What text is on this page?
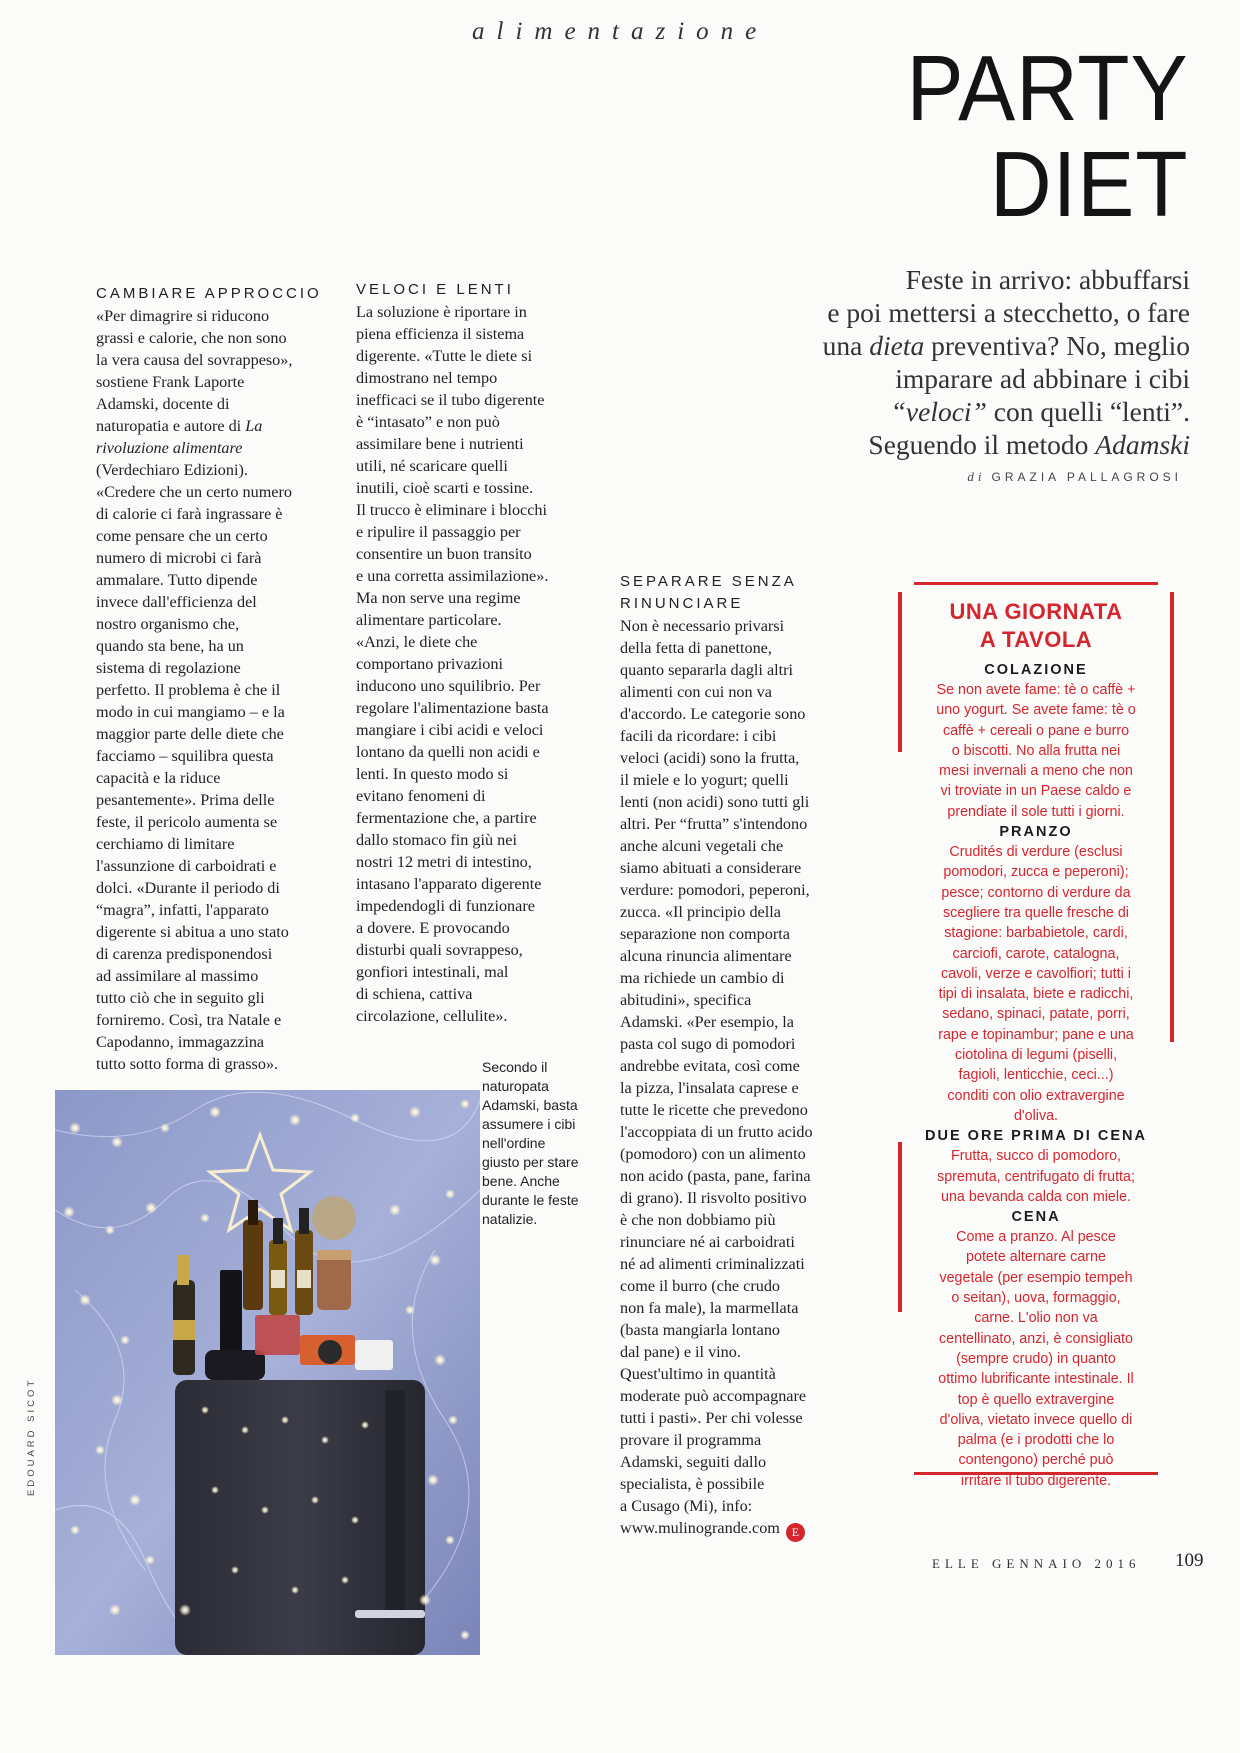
alimentazione
PARTY
DIET
Feste in arrivo: abbuffarsi
e poi mettersi a stecchetto, o fare
una dieta preventiva? No, meglio
imparare ad abbinare i cibi
“veloci” con quelli “lenti”.
Seguendo il metodo Adamski
di GRAZIA PALLAGROSI

CAMBIARE APPROCCIO

«Per dimagrire si riducono

grassi e calorie, che non sono

la vera causa del sovrappeso»,

sostiene Frank Laporte

Adamski, docente di

naturopatia e autore di La

rivoluzione alimentare

(Verdechiaro Edizioni).

«Credere che un certo numero

di calorie ci farà ingrassare è

come pensare che un certo

numero di microbi ci farà

ammalare. Tutto dipende

invece dall'efficienza del

nostro organismo che,

quando sta bene, ha un

sistema di regolazione

perfetto. Il problema è che il

modo in cui mangiamo – e la

maggior parte delle diete che

facciamo – squilibra questa

capacità e la riduce

pesantemente». Prima delle

feste, il pericolo aumenta se

cerchiamo di limitare

l'assunzione di carboidrati e

dolci. «Durante il periodo di

“magra”, infatti, l'apparato

digerente si abitua a uno stato

di carenza predisponendosi

ad assimilare al massimo

tutto ciò che in seguito gli

forniremo. Così, tra Natale e

Capodanno, immagazzina

tutto sotto forma di grasso».

VELOCI E LENTI

La soluzione è riportare in

piena efficienza il sistema

digerente. «Tutte le diete si

dimostrano nel tempo

inefficaci se il tubo digerente

è “intasato” e non può

assimilare bene i nutrienti

utili, né scaricare quelli

inutili, cioè scarti e tossine.

Il trucco è eliminare i blocchi

e ripulire il passaggio per

consentire un buon transito

e una corretta assimilazione».

Ma non serve una regime

alimentare particolare.

«Anzi, le diete che

comportano privazioni

inducono uno squilibrio. Per

regolare l'alimentazione basta

mangiare i cibi acidi e veloci

lontano da quelli non acidi e

lenti. In questo modo si

evitano fenomeni di

fermentazione che, a partire

dallo stomaco fin giù nei

nostri 12 metri di intestino,

intasano l'apparato digerente

impedendogli di funzionare

a dovere. E provocando

disturbi quali sovrappeso,

gonfiori intestinali, mal

di schiena, cattiva

circolazione, cellulite».

SEPARARE SENZA

RINUNCIARE

Non è necessario privarsi

della fetta di panettone,

quanto separarla dagli altri

alimenti con cui non va

d'accordo. Le categorie sono

facili da ricordare: i cibi

veloci (acidi) sono la frutta,

il miele e lo yogurt; quelli

lenti (non acidi) sono tutti gli

altri. Per “frutta” s'intendono

anche alcuni vegetali che

siamo abituati a considerare

verdure: pomodori, peperoni,

zucca. «Il principio della

separazione non comporta

alcuna rinuncia alimentare

ma richiede un cambio di

abitudini», specifica

Adamski. «Per esempio, la

pasta col sugo di pomodori

andrebbe evitata, così come

la pizza, l'insalata caprese e

tutte le ricette che prevedono

l'accoppiata di un frutto acido

(pomodoro) con un alimento

non acido (pasta, pane, farina

di grano). Il risvolto positivo

è che non dobbiamo più

rinunciare né ai carboidrati

né ad alimenti criminalizzati

come il burro (che crudo

non fa male), la marmellata

(basta mangiarla lontano

dal pane) e il vino.

Quest'ultimo in quantità

moderate può accompagnare

tutti i pasti». Per chi volesse

provare il programma

Adamski, seguiti dallo

specialista, è possibile

a Cusago (Mi), info:

www.mulinogrande.com E

Secondo il
naturopata
Adamski, basta
assumere i cibi
nell'ordine
giusto per stare
bene. Anche
durante le feste
natalizie.
UNA GIORNATA
A TAVOLA
COLAZIONE

Se non avete fame: tè o caffè +

uno yogurt. Se avete fame: tè o

caffè + cereali o pane e burro

o biscotti. No alla frutta nei

mesi invernali a meno che non

vi troviate in un Paese caldo e

prendiate il sole tutti i giorni.

PRANZO

Crudités di verdure (esclusi

pomodori, zucca e peperoni);

pesce; contorno di verdure da

scegliere tra quelle fresche di

stagione: barbabietole, cardi,

carciofi, carote, catalogna,

cavoli, verze e cavolfiori; tutti i

tipi di insalata, biete e radicchi,

sedano, spinaci, patate, porri,

rape e topinambur; pane e una

ciotolina di legumi (piselli,

fagioli, lenticchie, ceci...)

conditi con olio extravergine

d'oliva.

DUE ORE PRIMA DI CENA

Frutta, succo di pomodoro,

spremuta, centrifugato di frutta;

una bevanda calda con miele.

CENA

Come a pranzo. Al pesce

potete alternare carne

vegetale (per esempio tempeh

o seitan), uova, formaggio,

carne. L'olio non va

centellinato, anzi, è consigliato

(sempre crudo) in quanto

ottimo lubrificante intestinale. Il

top è quello extravergine

d'oliva, vietato invece quello di

palma (e i prodotti che lo

contengono) perché può

irritare il tubo digerente.

ELLE GENNAIO 2016 109
EDOUARD SICOT
